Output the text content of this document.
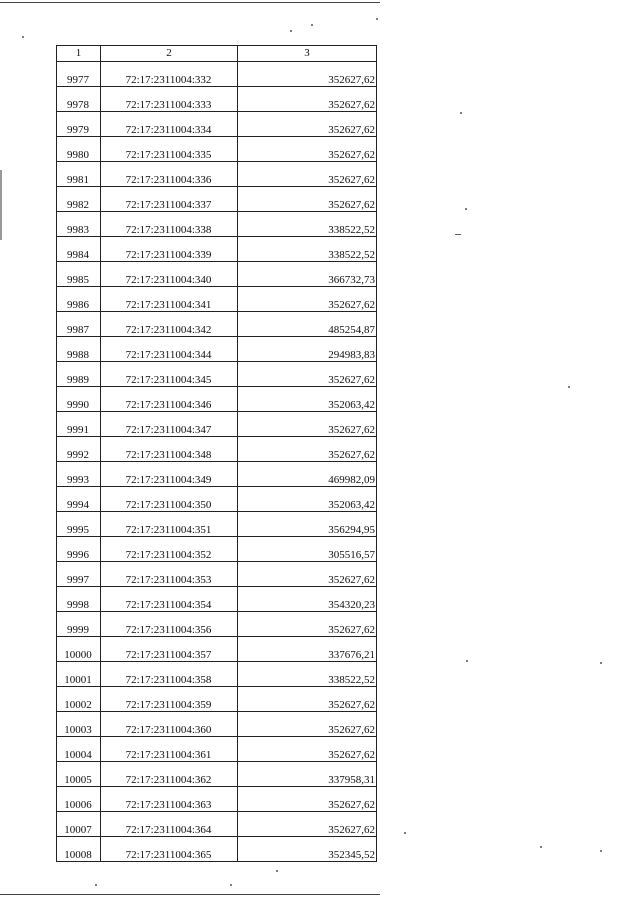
1	2	3
9977	72:17:2311004:332	352627,62
9978	72:17:2311004:333	352627,62
9979	72:17:2311004:334	352627,62
9980	72:17:2311004:335	352627,62
9981	72:17:2311004:336	352627,62
9982	72:17:2311004:337	352627,62
9983	72:17:2311004:338	338522,52
9984	72:17:2311004:339	338522,52
9985	72:17:2311004:340	366732,73
9986	72:17:2311004:341	352627,62
9987	72:17:2311004:342	485254,87
9988	72:17:2311004:344	294983,83
9989	72:17:2311004:345	352627,62
9990	72:17:2311004:346	352063,42
9991	72:17:2311004:347	352627,62
9992	72:17:2311004:348	352627,62
9993	72:17:2311004:349	469982,09
9994	72:17:2311004:350	352063,42
9995	72:17:2311004:351	356294,95
9996	72:17:2311004:352	305516,57
9997	72:17:2311004:353	352627,62
9998	72:17:2311004:354	354320,23
9999	72:17:2311004:356	352627,62
10000	72:17:2311004:357	337676,21
10001	72:17:2311004:358	338522,52
10002	72:17:2311004:359	352627,62
10003	72:17:2311004:360	352627,62
10004	72:17:2311004:361	352627,62
10005	72:17:2311004:362	337958,31
10006	72:17:2311004:363	352627,62
10007	72:17:2311004:364	352627,62
10008	72:17:2311004:365	352345,52
